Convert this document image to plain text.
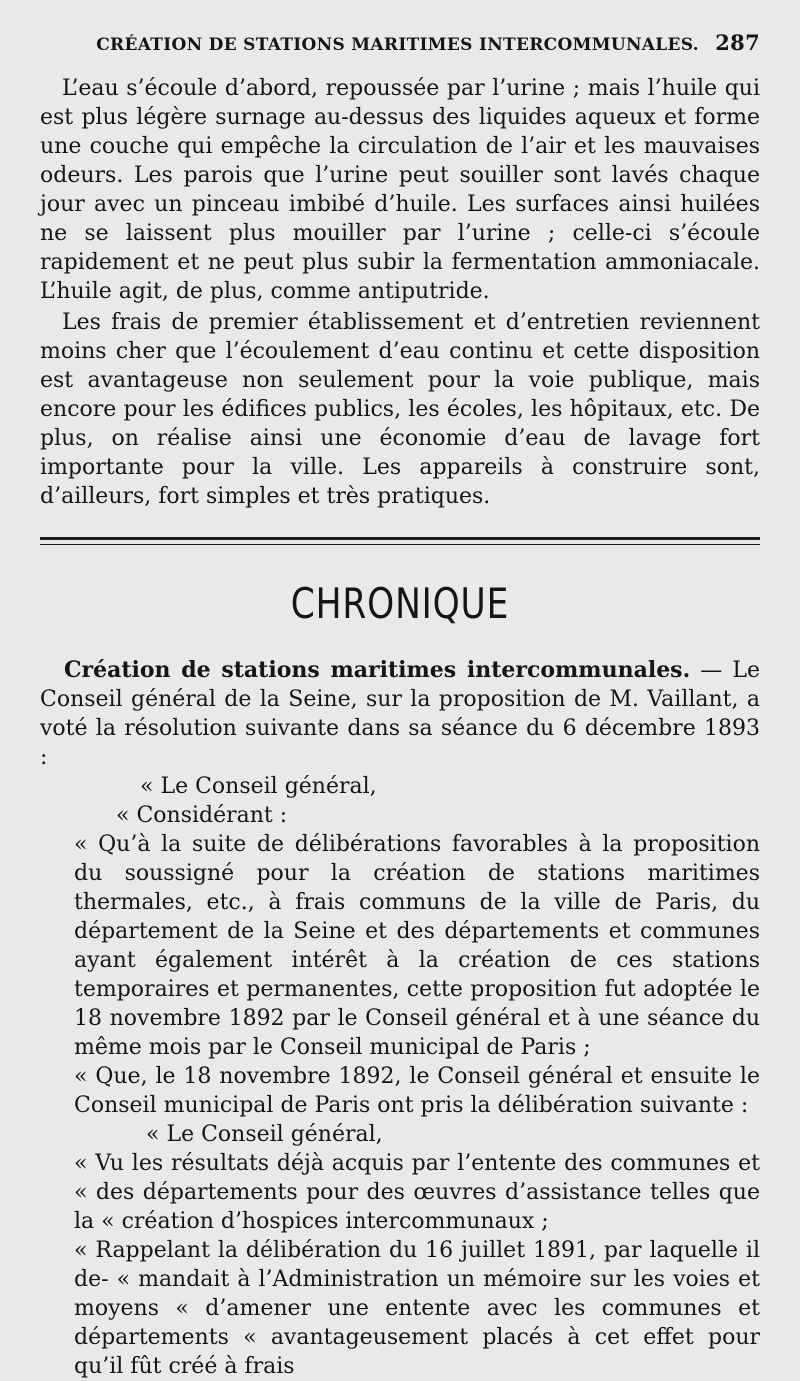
CRÉATION DE STATIONS MARITIMES INTERCOMMUNALES. 287

L’eau s’écoule d’abord, repoussée par l’urine ; mais l’huile qui est plus légère surnage au-dessus des liquides aqueux et forme une couche qui empêche la circulation de l’air et les mauvaises odeurs. Les parois que l’urine peut souiller sont lavés chaque jour avec un pinceau imbibé d’huile. Les surfaces ainsi huilées ne se laissent plus mouiller par l’urine ; celle-ci s’écoule rapidement et ne peut plus subir la fermentation ammoniacale. L’huile agit, de plus, comme antiputride.

Les frais de premier établissement et d’entretien reviennent moins cher que l’écoulement d’eau continu et cette disposition est avantageuse non seulement pour la voie publique, mais encore pour les édifices publics, les écoles, les hôpitaux, etc. De plus, on réalise ainsi une économie d’eau de lavage fort importante pour la ville. Les appareils à construire sont, d’ailleurs, fort simples et très pratiques.

CHRONIQUE

Création de stations maritimes intercommunales. — Le Conseil général de la Seine, sur la proposition de M. Vaillant, a voté la résolution suivante dans sa séance du 6 décembre 1893 :

« Le Conseil général,

« Considérant :

« Qu’à la suite de délibérations favorables à la proposition du soussigné pour la création de stations maritimes thermales, etc., à frais communs de la ville de Paris, du département de la Seine et des départements et communes ayant également intérêt à la création de ces stations temporaires et permanentes, cette proposition fut adoptée le 18 novembre 1892 par le Conseil général et à une séance du même mois par le Conseil municipal de Paris ;

« Que, le 18 novembre 1892, le Conseil général et ensuite le Conseil municipal de Paris ont pris la délibération suivante :

« Le Conseil général,

« Vu les résultats déjà acquis par l’entente des communes et « des départements pour des œuvres d’assistance telles que la « création d’hospices intercommunaux ;

« Rappelant la délibération du 16 juillet 1891, par laquelle il de- « mandait à l’Administration un mémoire sur les voies et moyens « d’amener une entente avec les communes et départements « avantageusement placés à cet effet pour qu’il fût créé à frais
